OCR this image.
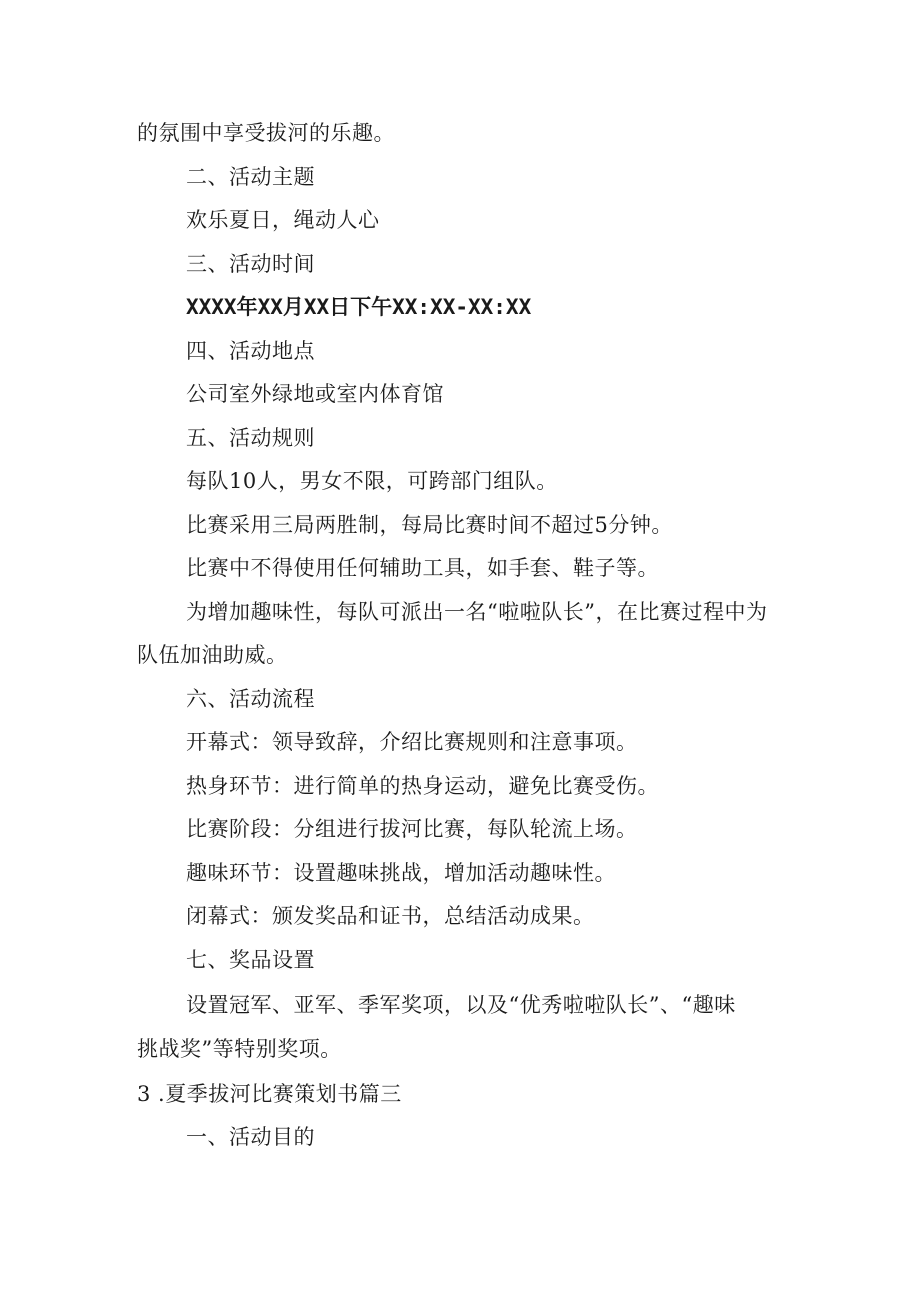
的氛围中享受拔河的乐趣。
二、活动主题
欢乐夏日，绳动人心
三、活动时间
XXXX年XX月XX日下午XX:XX-XX:XX
四、活动地点
公司室外绿地或室内体育馆
五、活动规则
每队10人，男女不限，可跨部门组队。
比赛采用三局两胜制，每局比赛时间不超过5分钟。
比赛中不得使用任何辅助工具，如手套、鞋子等。
为增加趣味性，每队可派出一名“啦啦队长”，在比赛过程中为
队伍加油助威。
六、活动流程
开幕式：领导致辞，介绍比赛规则和注意事项。
热身环节：进行简单的热身运动，避免比赛受伤。
比赛阶段：分组进行拔河比赛，每队轮流上场。
趣味环节：设置趣味挑战，增加活动趣味性。
闭幕式：颁发奖品和证书，总结活动成果。
七、奖品设置
设置冠军、亚军、季军奖项，以及“优秀啦啦队长”、“趣味
挑战奖”等特别奖项。
3 .夏季拔河比赛策划书篇三
一、活动目的
